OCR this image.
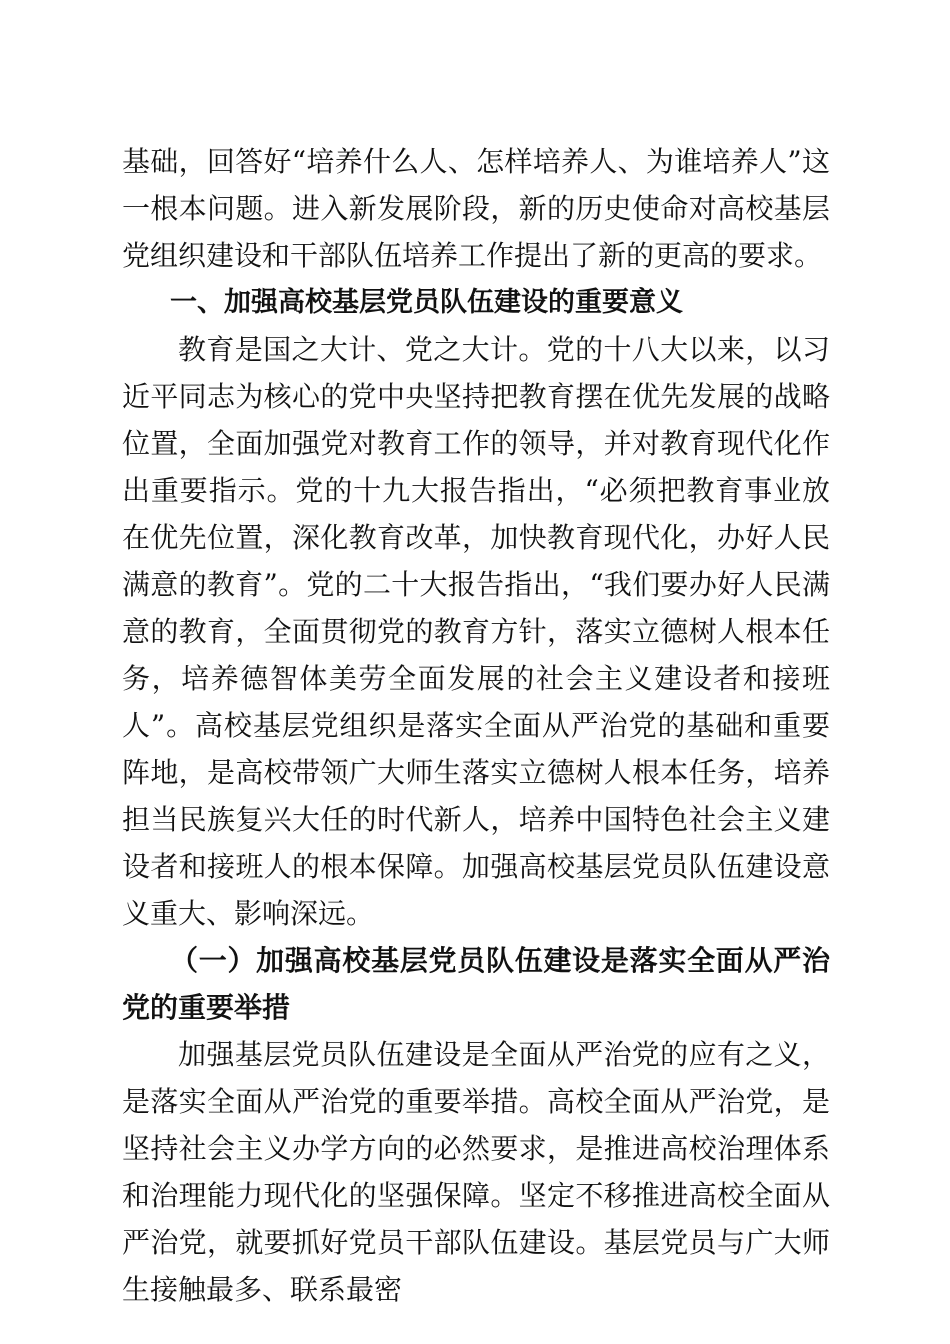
基础，回答好“培养什么人、怎样培养人、为谁培养人”这一根本问题。进入新发展阶段，新的历史使命对高校基层党组织建设和干部队伍培养工作提出了新的更高的要求。

一、加强高校基层党员队伍建设的重要意义

教育是国之大计、党之大计。党的十八大以来，以习近平同志为核心的党中央坚持把教育摆在优先发展的战略位置，全面加强党对教育工作的领导，并对教育现代化作出重要指示。党的十九大报告指出，“必须把教育事业放在优先位置，深化教育改革，加快教育现代化，办好人民满意的教育”。党的二十大报告指出，“我们要办好人民满意的教育，全面贯彻党的教育方针，落实立德树人根本任务，培养德智体美劳全面发展的社会主义建设者和接班人”。高校基层党组织是落实全面从严治党的基础和重要阵地，是高校带领广大师生落实立德树人根本任务，培养担当民族复兴大任的时代新人，培养中国特色社会主义建设者和接班人的根本保障。加强高校基层党员队伍建设意义重大、影响深远。

（一）加强高校基层党员队伍建设是落实全面从严治党的重要举措

加强基层党员队伍建设是全面从严治党的应有之义，是落实全面从严治党的重要举措。高校全面从严治党，是坚持社会主义办学方向的必然要求，是推进高校治理体系和治理能力现代化的坚强保障。坚定不移推进高校全面从严治党，就要抓好党员干部队伍建设。基层党员与广大师生接触最多、联系最密
